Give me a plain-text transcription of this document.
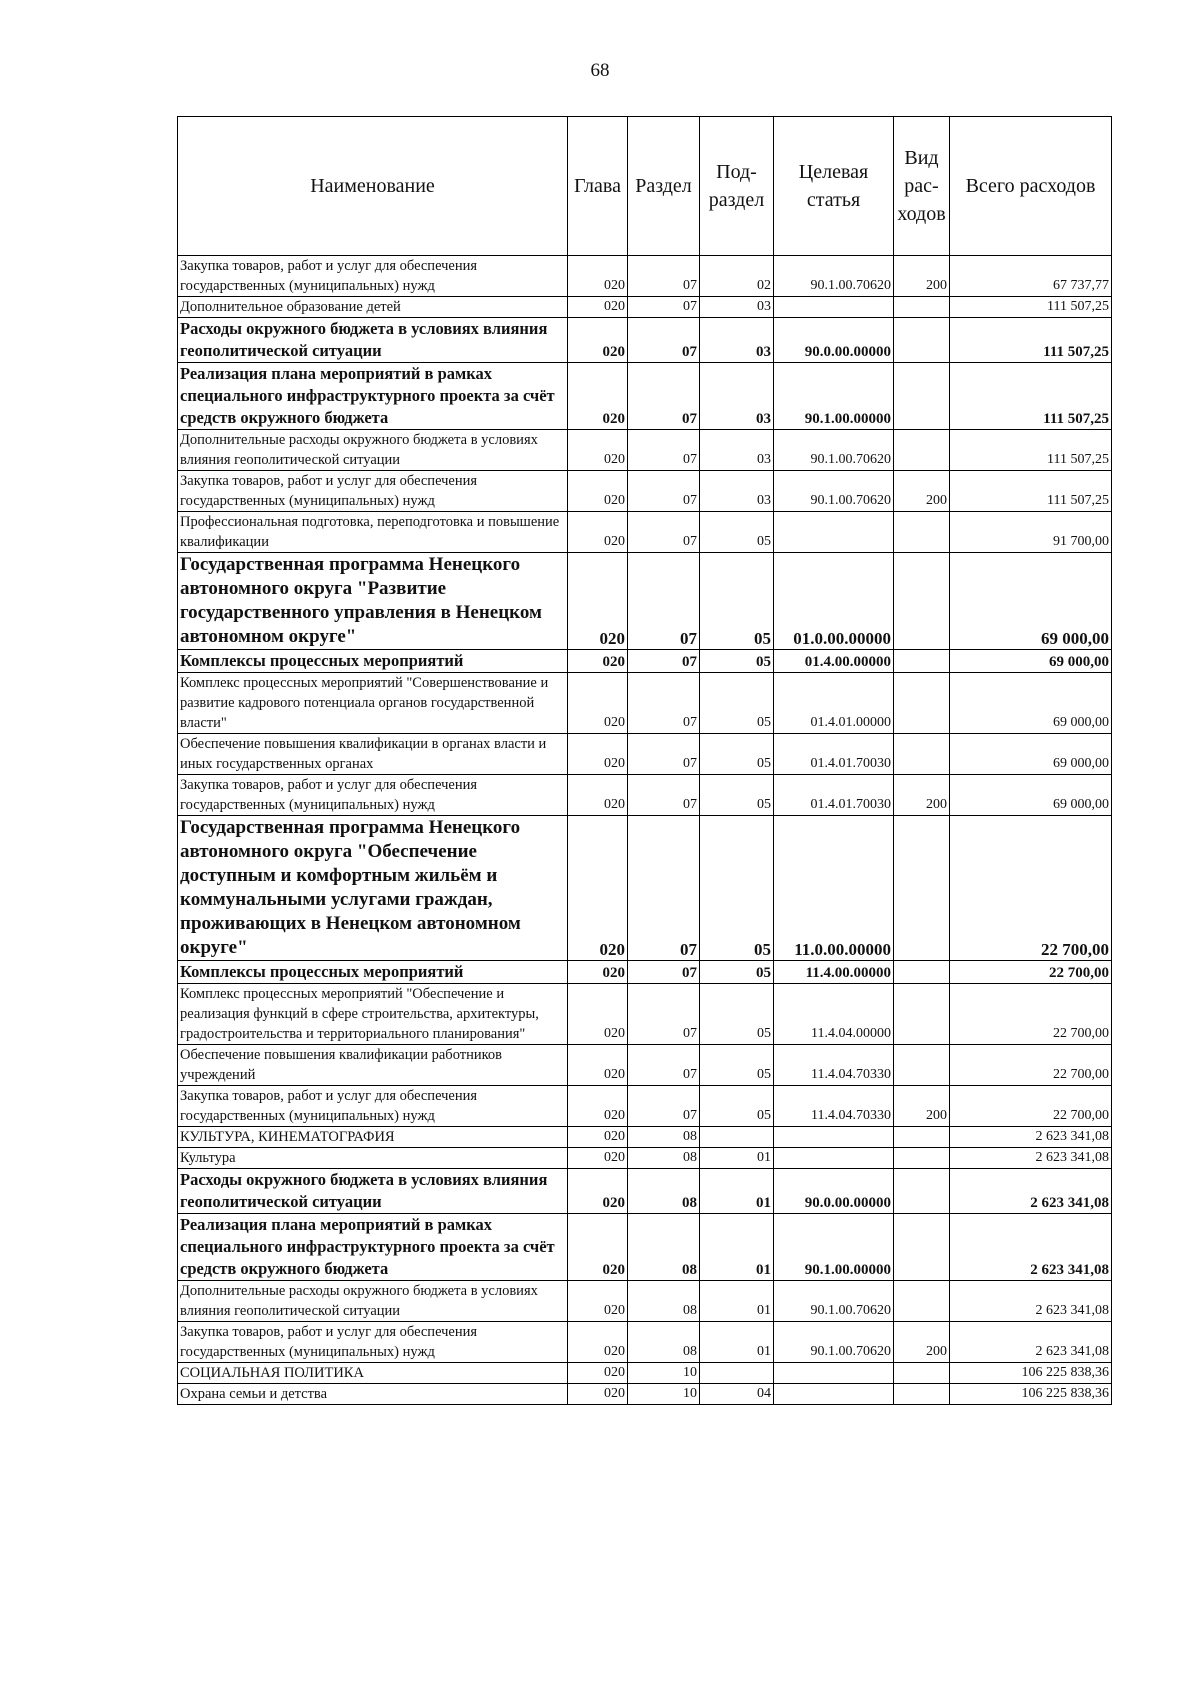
68
Наименование	Глава	Раздел	Под-раздел	Целевая статья	Вид рас-ходов	Всего расходов
Закупка товаров, работ и услуг для обеспечения государственных (муниципальных) нужд	020	07	02	90.1.00.70620	200	67 737,77
Дополнительное образование детей	020	07	03			111 507,25
Расходы окружного бюджета в условиях влияния геополитической ситуации	020	07	03	90.0.00.00000		111 507,25
Реализация плана мероприятий в рамках специального инфраструктурного проекта за счёт средств окружного бюджета	020	07	03	90.1.00.00000		111 507,25
Дополнительные расходы окружного бюджета в условиях влияния геополитической ситуации	020	07	03	90.1.00.70620		111 507,25
Закупка товаров, работ и услуг для обеспечения государственных (муниципальных) нужд	020	07	03	90.1.00.70620	200	111 507,25
Профессиональная подготовка, переподготовка и повышение квалификации	020	07	05			91 700,00
Государственная программа Ненецкого автономного округа "Развитие государственного управления в Ненецком автономном округе"	020	07	05	01.0.00.00000		69 000,00
Комплексы процессных мероприятий	020	07	05	01.4.00.00000		69 000,00
Комплекс процессных мероприятий "Совершенствование и развитие кадрового потенциала органов государственной власти"	020	07	05	01.4.01.00000		69 000,00
Обеспечение повышения квалификации в органах власти и иных государственных органах	020	07	05	01.4.01.70030		69 000,00
Закупка товаров, работ и услуг для обеспечения государственных (муниципальных) нужд	020	07	05	01.4.01.70030	200	69 000,00
Государственная программа Ненецкого автономного округа "Обеспечение доступным и комфортным жильём и коммунальными услугами граждан, проживающих в Ненецком автономном округе"	020	07	05	11.0.00.00000		22 700,00
Комплексы процессных мероприятий	020	07	05	11.4.00.00000		22 700,00
Комплекс процессных мероприятий "Обеспечение и реализация функций в сфере строительства, архитектуры, градостроительства и территориального планирования"	020	07	05	11.4.04.00000		22 700,00
Обеспечение повышения квалификации работников учреждений	020	07	05	11.4.04.70330		22 700,00
Закупка товаров, работ и услуг для обеспечения государственных (муниципальных) нужд	020	07	05	11.4.04.70330	200	22 700,00
КУЛЬТУРА, КИНЕМАТОГРАФИЯ	020	08				2 623 341,08
Культура	020	08	01			2 623 341,08
Расходы окружного бюджета в условиях влияния геополитической ситуации	020	08	01	90.0.00.00000		2 623 341,08
Реализация плана мероприятий в рамках специального инфраструктурного проекта за счёт средств окружного бюджета	020	08	01	90.1.00.00000		2 623 341,08
Дополнительные расходы окружного бюджета в условиях влияния геополитической ситуации	020	08	01	90.1.00.70620		2 623 341,08
Закупка товаров, работ и услуг для обеспечения государственных (муниципальных) нужд	020	08	01	90.1.00.70620	200	2 623 341,08
СОЦИАЛЬНАЯ ПОЛИТИКА	020	10				106 225 838,36
Охрана семьи и детства	020	10	04			106 225 838,36
